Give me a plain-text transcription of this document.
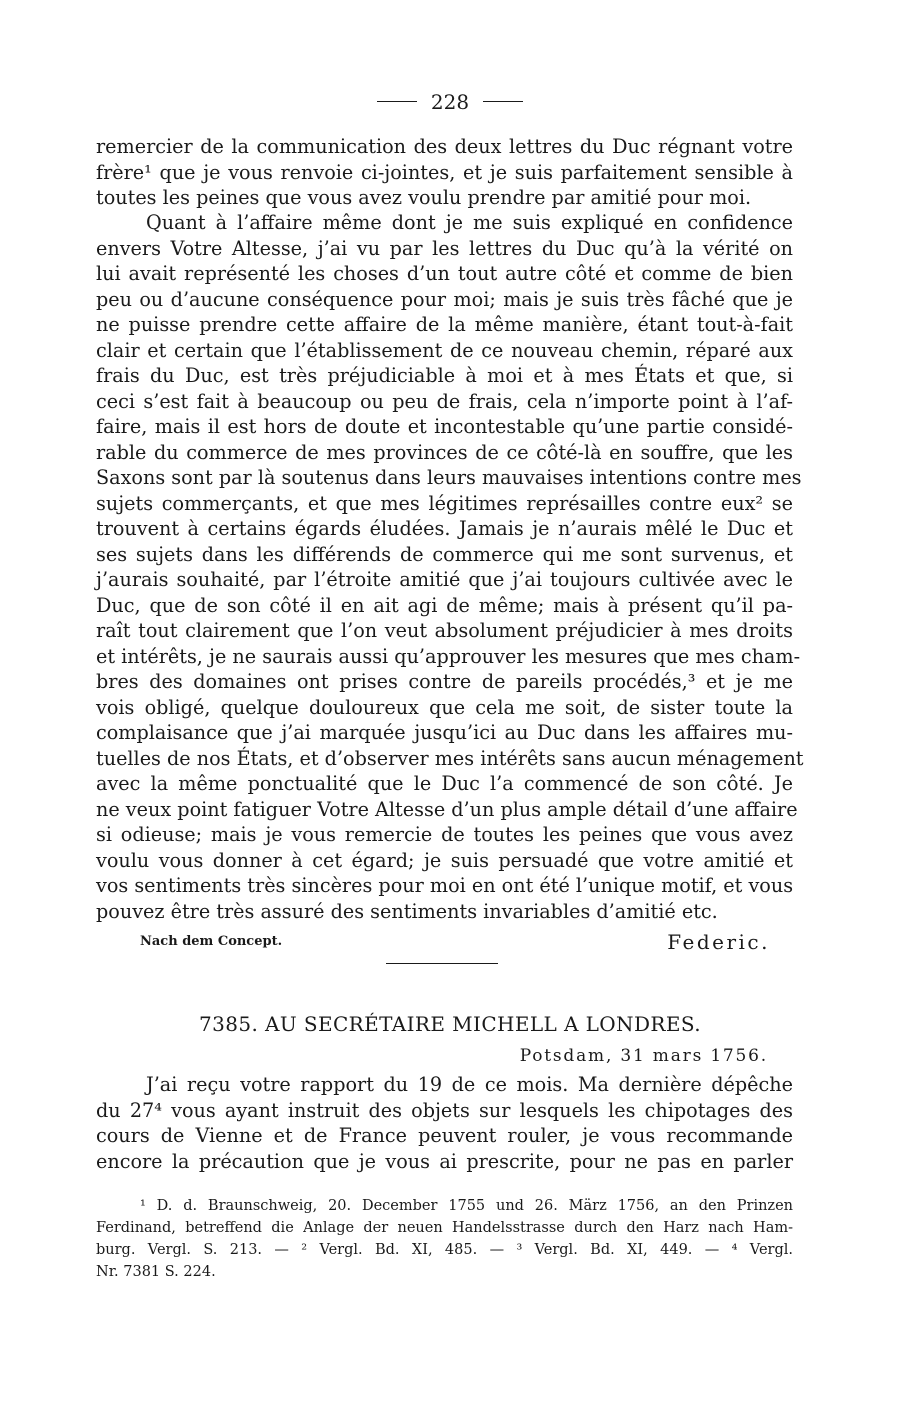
228
remercier de la communication des deux lettres du Duc régnant votre
frère¹ que je vous renvoie ci-jointes, et je suis parfaitement sensible à
toutes les peines que vous avez voulu prendre par amitié pour moi.
Quant à l’affaire même dont je me suis expliqué en confidence
envers Votre Altesse, j’ai vu par les lettres du Duc qu’à la vérité on
lui avait représenté les choses d’un tout autre côté et comme de bien
peu ou d’aucune conséquence pour moi; mais je suis très fâché que je
ne puisse prendre cette affaire de la même manière, étant tout-à-fait
clair et certain que l’établissement de ce nouveau chemin, réparé aux
frais du Duc, est très préjudiciable à moi et à mes États et que, si
ceci s’est fait à beaucoup ou peu de frais, cela n’importe point à l’af-
faire, mais il est hors de doute et incontestable qu’une partie considé-
rable du commerce de mes provinces de ce côté-là en souffre, que les
Saxons sont par là soutenus dans leurs mauvaises intentions contre mes
sujets commerçants, et que mes légitimes représailles contre eux² se
trouvent à certains égards éludées. Jamais je n’aurais mêlé le Duc et
ses sujets dans les différends de commerce qui me sont survenus, et
j’aurais souhaité, par l’étroite amitié que j’ai toujours cultivée avec le
Duc, que de son côté il en ait agi de même; mais à présent qu’il pa-
raît tout clairement que l’on veut absolument préjudicier à mes droits
et intérêts, je ne saurais aussi qu’approuver les mesures que mes cham-
bres des domaines ont prises contre de pareils procédés,³ et je me
vois obligé, quelque douloureux que cela me soit, de sister toute la
complaisance que j’ai marquée jusqu’ici au Duc dans les affaires mu-
tuelles de nos États, et d’observer mes intérêts sans aucun ménagement
avec la même ponctualité que le Duc l’a commencé de son côté. Je
ne veux point fatiguer Votre Altesse d’un plus ample détail d’une affaire
si odieuse; mais je vous remercie de toutes les peines que vous avez
voulu vous donner à cet égard; je suis persuadé que votre amitié et
vos sentiments très sincères pour moi en ont été l’unique motif, et vous
pouvez être très assuré des sentiments invariables d’amitié etc.
Nach dem Concept.	Federic.
7385. AU SECRÉTAIRE MICHELL A LONDRES.
Potsdam, 31 mars 1756.
J’ai reçu votre rapport du 19 de ce mois. Ma dernière dépêche
du 27⁴ vous ayant instruit des objets sur lesquels les chipotages des
cours de Vienne et de France peuvent rouler, je vous recommande
encore la précaution que je vous ai prescrite, pour ne pas en parler
¹ D. d. Braunschweig, 20. December 1755 und 26. März 1756, an den Prinzen
Ferdinand, betreffend die Anlage der neuen Handelsstrasse durch den Harz nach Ham-
burg. Vergl. S. 213. — ² Vergl. Bd. XI, 485. — ³ Vergl. Bd. XI, 449. — ⁴ Vergl.
Nr. 7381 S. 224.
